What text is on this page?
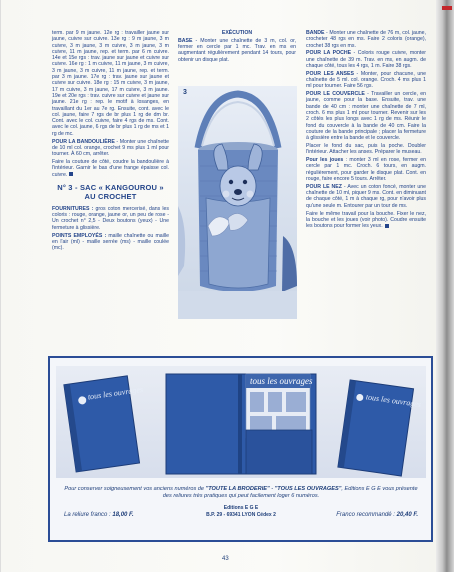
term. par 9 m jaune. 12e rg : travailler jaune sur jaune, cuivre sur cuivre. 13e rg : 9 m jaune, 3 m cuivre, 3 m jaune, 3 m cuivre, 3 m jaune, 3 m cuivre, 11 m jaune, rep. et term. par 6 m cuivre. 14e et 15e rgs : trav. jaune sur jaune et cuivre sur cuivre. 16e rg : 1 m cuivre, 11 m jaune, 3 m cuivre, 3 m jaune, 3 m cuivre, 11 m jaune, rep. et term. par 3 m jaune. 17e rg : trav. jaune sur jaune et cuivre sur cuivre. 18e rg : 15 m cuivre, 3 m jaune, 17 m cuivre, 3 m jaune, 17 m cuivre, 3 m jaune. 19e et 20e rgs : trav. cuivre sur cuivre et jaune sur jaune. 21e rg : rep. le motif à losanges, en travaillant du 1er au 7e rg. Ensuite, cont. avec le col. jaune, faire 7 rgs de br plus 1 rg de dm br. Cont. avec le col. cuivre, faire 4 rgs de ms. Cont. avec le col. jaune, 6 rgs de br plus 1 rg de ms et 1 rg de mc.

POUR LA BANDOULIÈRE - Monter une chaînette de 10 ml col. orange, crochet 9 ms plus 1 ml pour tourner. À 60 cm, arrêter.

Faire la couture de côté, coudre la bandoulière à l'intérieur. Garnir le bas d'une frange épaisse col. cuivre.

N° 3 - SAC « KANGOUROU »
AU CROCHET

FOURNITURES : gros coton mercerisé, dans les coloris : rouge, orange, jaune or, un peu de rose - Un crochet n° 2,5 - Deux boutons (yeux) - Une fermeture à glissière.

POINTS EMPLOYÉS : maille chaînette ou maille en l'air (ml) - maille serrée (ms) - maille coulée (mc).

EXÉCUTION

BASE - Monter une chaînette de 3 m, col. or, fermer en cercle par 1 mc. Trav. en ms en augmentant régulièrement pendant 14 tours, pour obtenir un disque plat.

3

BANDE - Monter une chaînette de 76 m, col. jaune, crocheter 48 rgs en ms. Faire 2 coloris (orange), crochet 38 rgs en ms.

POUR LA POCHE - Coloris rouge cuivre, monter une chaînette de 39 m. Trav. en ms, en augm. de chaque côté, tous les 4 rgs, 1 m. Faire 38 rgs.

POUR LES ANSES - Monter, pour chacune, une chaînette de 5 ml. col. orange. Croch. 4 ms plus 1 ml pour tourner. Faire 56 rgs.

POUR LE COUVERCLE - Travailler un cercle, en jaune, comme pour la base. Ensuite, trav. une bande de 40 cm : monter une chaînette de 7 ml, croch. 6 ms plus 1 ml pour tourner. Revenir sur les 2 côtés les plus longs avec 1 rg de ms. Réunir le fond du couvercle à la bande de 40 cm. Faire la couture de la bande principale ; placer la fermeture à glissière entre la bande et le couvercle.

Placer le fond du sac, puis la poche. Doubler l'intérieur. Attacher les anses. Préparer le museau.

Pour les joues : monter 3 ml en rose, fermer en cercle par 1 mc. Croch. 6 tours, en augm. régulièrement, pour garder le disque plat. Cont. en rouge, faire encore 5 tours. Arrêter.

POUR LE NEZ - Avec un coton foncé, monter une chaînette de 10 ml, piquer 9 ms. Cont. en diminuant de chaque côté, 1 m à chaque rg, pour n'avoir plus qu'une seule m. Entourer par un tour de ms.

Faire le même travail pour la bouche. Fixer le nez, la bouche et les joues (voir photo). Coudre ensuite les boutons pour former les yeux.

tous les ouvrages
tous les ouvrages
tous les ouvrages
Pour conserver soigneusement vos anciens numéros de "TOUTE LA BRODERIE" - "TOUS LES OUVRAGES", Editions E G E vous présente des reliures très pratiques qui peut facilement loger 6 numéros.
La reliure franco : 18,00 F.
Editions E G E
B.P. 29 - 69341 LYON Cédex 2	Franco recommandé : 20,40 F.
43
